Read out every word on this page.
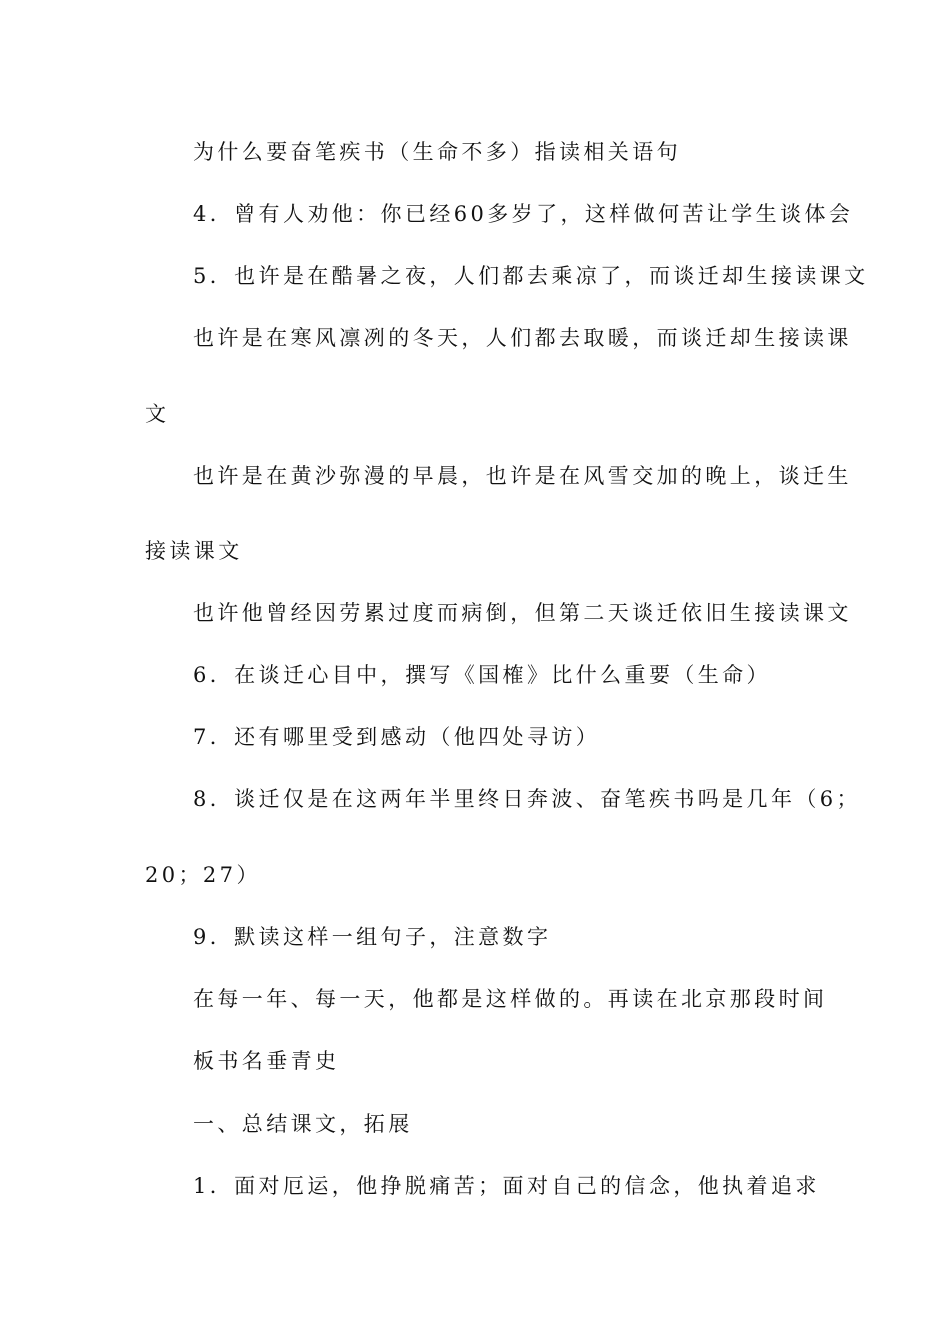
为什么要奋笔疾书（生命不多）指读相关语句
4．曾有人劝他：你已经60多岁了，这样做何苦让学生谈体会
5．也许是在酷暑之夜，人们都去乘凉了，而谈迁却生接读课文
也许是在寒风凛冽的冬天，人们都去取暖，而谈迁却生接读课
文
也许是在黄沙弥漫的早晨，也许是在风雪交加的晚上，谈迁生
接读课文
也许他曾经因劳累过度而病倒，但第二天谈迁依旧生接读课文
6．在谈迁心目中，撰写《国榷》比什么重要（生命）
7．还有哪里受到感动（他四处寻访）
8．谈迁仅是在这两年半里终日奔波、奋笔疾书吗是几年（6；
20；27）
9．默读这样一组句子，注意数字
在每一年、每一天，他都是这样做的。再读在北京那段时间
板书名垂青史
一、总结课文，拓展
1．面对厄运，他挣脱痛苦；面对自己的信念，他执着追求
